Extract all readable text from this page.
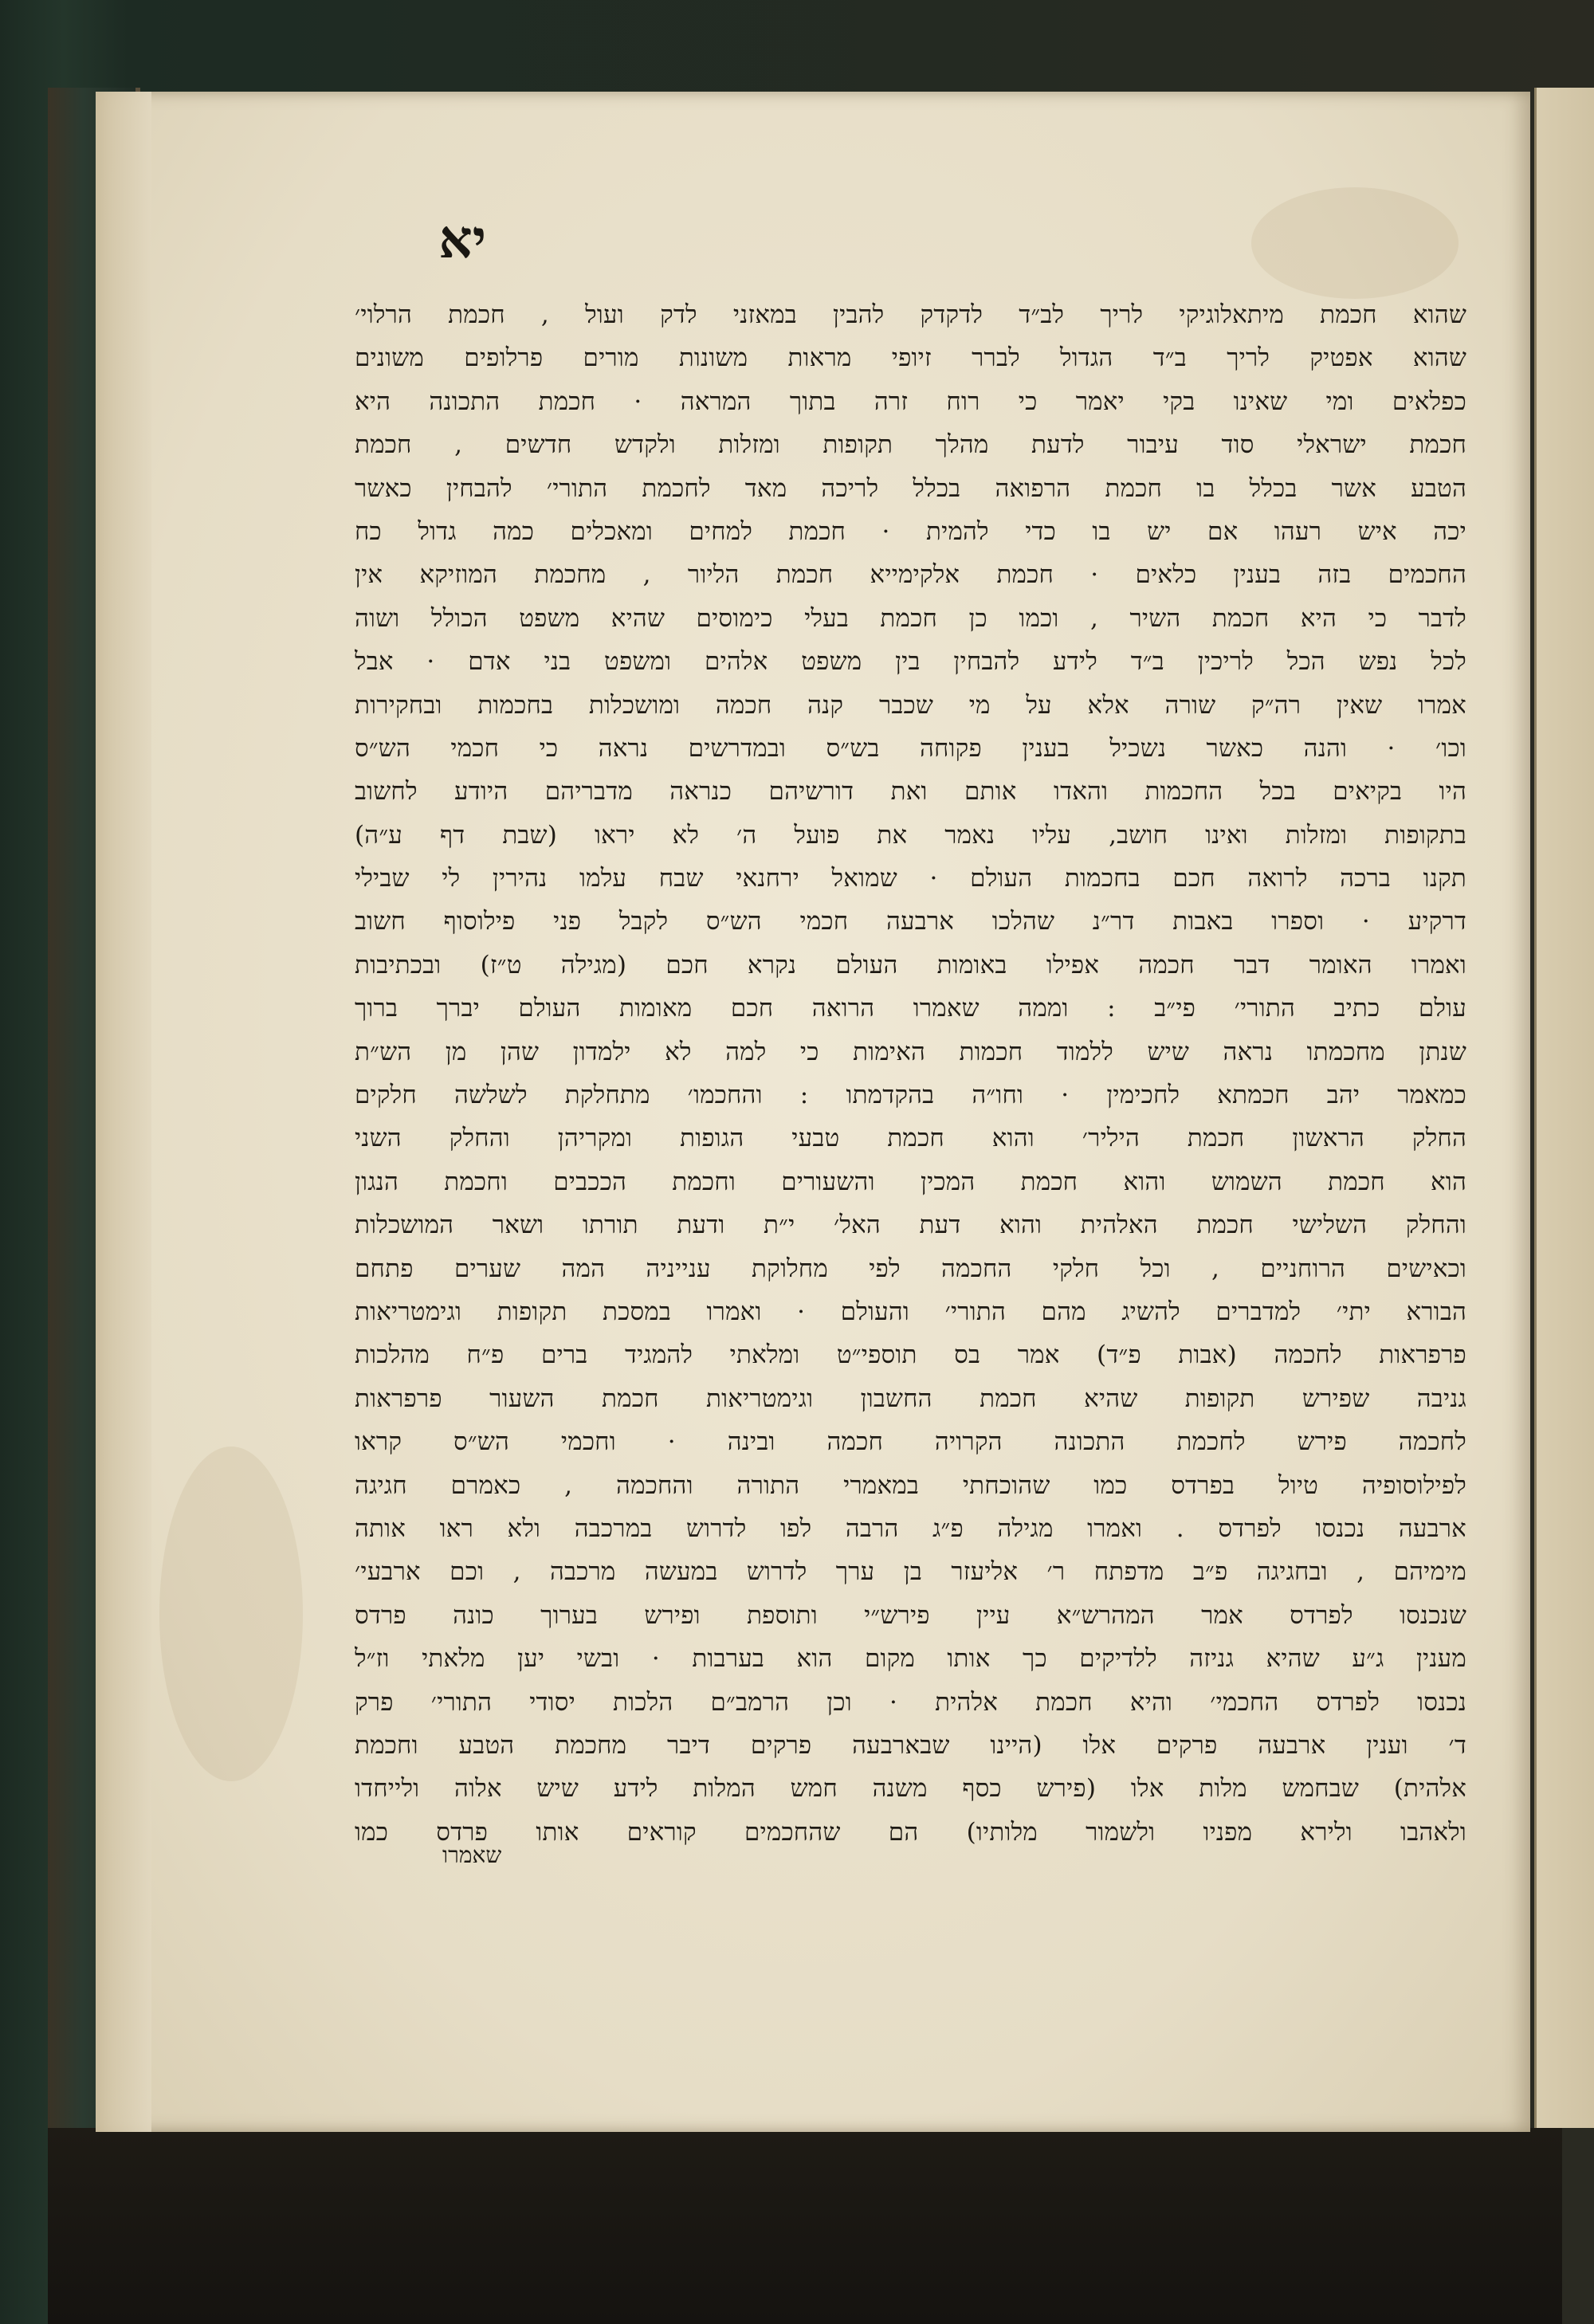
יא
שהוא חכמת מיתאלוגיקי לריך לב״ד לדקדק להבין במאזני לדק ועול , חכמת הרלוי׳
שהוא אפטיק לריך ב״ד הגדול לברר זיופי מראות משונות מורים פרלופים משונים
כפלאים ומי שאינו בקי יאמר כי רוח זרה בתוך המראה · חכמת התכונה היא
חכמת ישראלי סוד עיבור לדעת מהלך תקופות ומזלות ולקדש חדשים , חכמת
הטבע אשר בכלל בו חכמת הרפואה בכלל לריכה מאד לחכמת התורי׳ להבחין כאשר
יכה איש רעהו אם יש בו כדי להמית · חכמת למחים ומאכלים כמה גדול כח
החכמים בזה בענין כלאים · חכמת אלקימייא חכמת הליור , מחכמת המוזיקא אין
לדבר כי היא חכמת השיר , וכמו כן חכמת בעלי כימוסים שהיא משפט הכולל ושוה
לכל נפש הכל לריכין ב״ד לידע להבחין בין משפט אלהים ומשפט בני אדם · אבל
אמרו שאין רה״ק שורה אלא על מי שכבר קנה חכמה ומושכלות בחכמות ובחקירות
וכו׳ · והנה כאשר נשכיל בענין פקוחה בש״ס ובמדרשים נראה כי חכמי הש״ס
היו בקיאים בכל החכמות והאדו אותם ואת דורשיהם כנראה מדבריהם היודע לחשוב
בתקופות ומזלות ואינו חושב, עליו נאמר את פועל ה׳ לא יראו (שבת דף ע״ה)
תקנו ברכה לרואה חכם בחכמות העולם · שמואל ירחנאי שבח עלמו נהירין לי שבילי
דרקיע · וספרו באבות דר״נ שהלכו ארבעה חכמי הש״ס לקבל פני פילוסוף חשוב
ואמרו האומר דבר חכמה אפילו באומות העולם נקרא חכם (מגילה ט״ז) ובכתיבות
עולם כתיב התורי׳ פי״ב : וממה שאמרו הרואה חכם מאומות העולם יברך ברוך
שנתן מחכמתו נראה שיש ללמוד חכמות האימות כי למה לא ילמדון שהן מן הש״ת
כמאמר יהב חכמתא לחכימין · וחו״ה בהקדמתו : והחכמו׳ מתחלקת לשלשה חלקים
החלק הראשון חכמת היליר׳ והוא חכמת טבעי הגופות ומקריהן והחלק השני
הוא חכמת השמוש והוא חכמת המכין והשעורים וחכמת הככבים וחכמת הנגון
והחלק השלישי חכמת האלהית והוא דעת האל׳ י״ת ודעת תורתו ושאר המושכלות
וכאישים הרוחניים , וכל חלקי החכמה לפי מחלוקת ענייניה המה שערים פתחם
הבורא יתי׳ למדברים להשיג מהם התורי׳ והעולם · ואמרו במסכת תקופות וגימטריאות
פרפראות לחכמה (אבות פ״ד) אמר בס תוספי״ט ומלאתי להמגיד ברים פ״ח מהלכות
גניבה שפירש תקופות שהיא חכמת החשבון וגימטריאות חכמת השעור פרפראות
לחכמה פירש לחכמת התכונה הקרויה חכמה ובינה · וחכמי הש״ס קראו
לפילוסופיה טיול בפרדס כמו שהוכחתי במאמרי התורה והחכמה , כאמרם חגיגה
ארבעה נכנסו לפרדס . ואמרו מגילה פ״ג הרבה לפו לדרוש במרכבה ולא ראו אותה
מימיהם , ובחגיגה פ״ב מדפתח ר׳ אליעזר בן ערך לדרוש במעשה מרכבה , וכם ארבעי׳
שנכנסו לפרדס אמר המהרש״א עיין פירש״י ותוספת ופירש בערוך כונה פרדס
מענין ג״ע שהיא גניזה ללדיקים כך אותו מקום הוא בערבות · ובשי יען מלאתי וז״ל
נכנסו לפרדס החכמי׳ והיא חכמת אלהית · וכן הרמב״ם הלכות יסודי התורי׳ פרק
ד׳ וענין ארבעה פרקים אלו (היינו שבארבעה פרקים דיבר מחכמת הטבע וחכמת
אלהית) שבחמש מלות אלו (פירש כסף משנה חמש המלות לידע שיש אלוה ולייחדו
ולאהבו ולירא מפניו ולשמור מלותיו) הם שהחכמים קוראים אותו פרדס כמו
שאמרו
